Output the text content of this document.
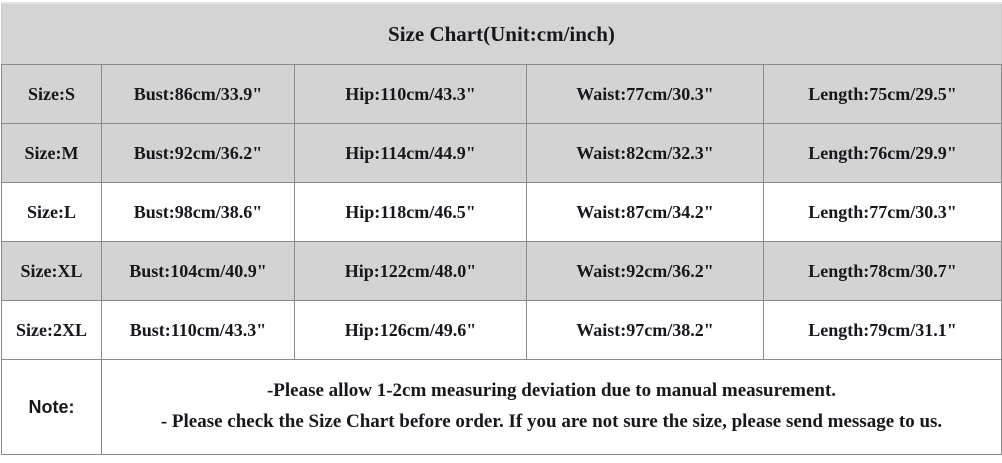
Size Chart(Unit:cm/inch)				
Size:S	Bust:86cm/33.9"	Hip:110cm/43.3"	Waist:77cm/30.3"	Length:75cm/29.5"
Size:M	Bust:92cm/36.2"	Hip:114cm/44.9"	Waist:82cm/32.3"	Length:76cm/29.9"
Size:L	Bust:98cm/38.6"	Hip:118cm/46.5"	Waist:87cm/34.2"	Length:77cm/30.3"
Size:XL	Bust:104cm/40.9"	Hip:122cm/48.0"	Waist:92cm/36.2"	Length:78cm/30.7"
Size:2XL	Bust:110cm/43.3"	Hip:126cm/49.6"	Waist:97cm/38.2"	Length:79cm/31.1"
Note:	-Please allow 1-2cm measuring deviation due to manual measurement.
- Please check the Size Chart before order. If you are not sure the size, please send message to us.			
